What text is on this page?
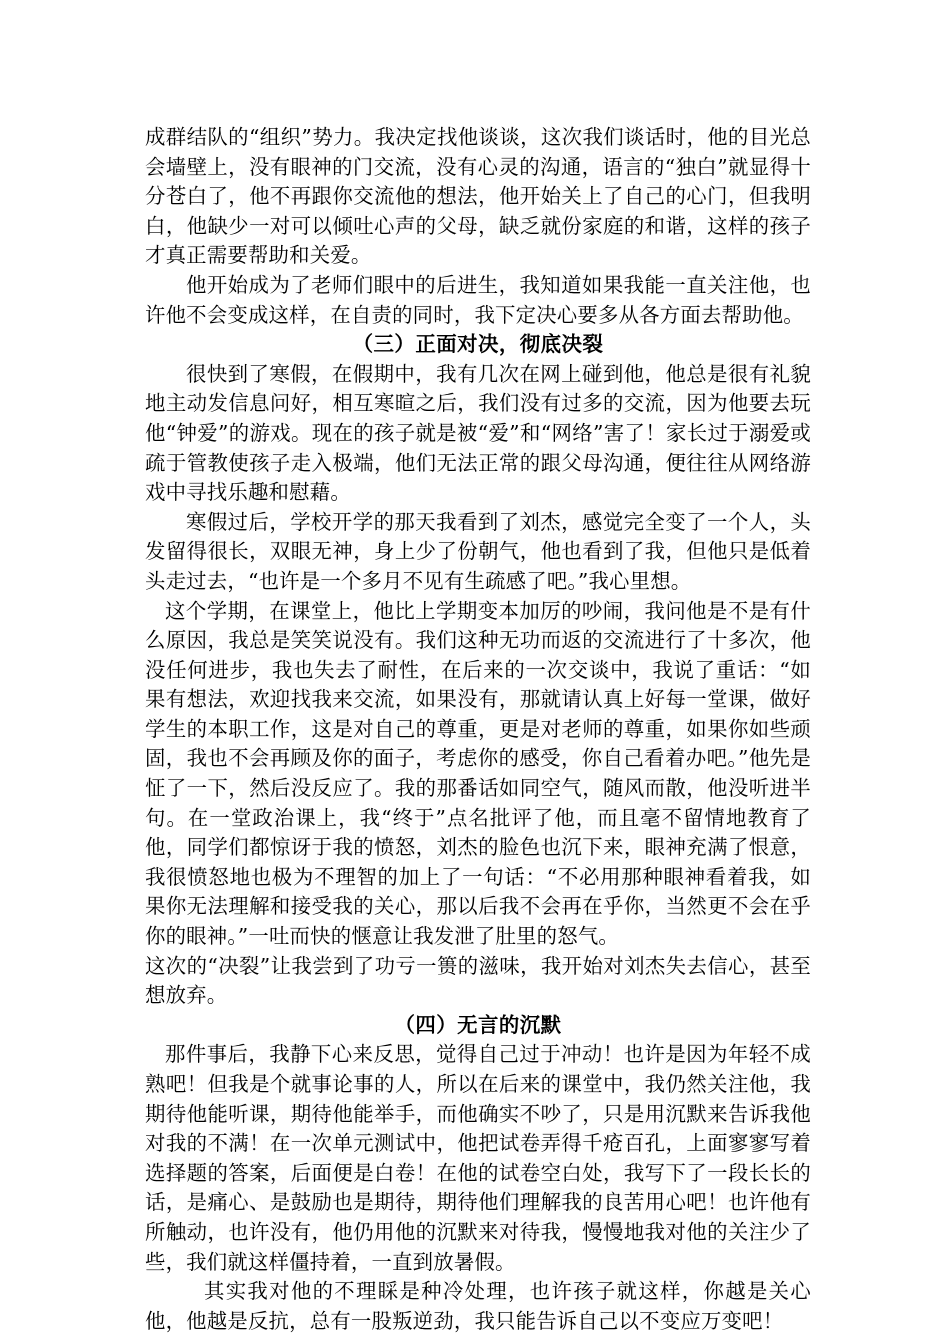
成群结队的“组织”势力。我决定找他谈谈，这次我们谈话时，他的目光总会墙壁上，没有眼神的门交流，没有心灵的沟通，语言的“独白”就显得十分苍白了，他不再跟你交流他的想法，他开始关上了自己的心门，但我明白，他缺少一对可以倾吐心声的父母，缺乏就份家庭的和谐，这样的孩子才真正需要帮助和关爱。

他开始成为了老师们眼中的后进生，我知道如果我能一直关注他，也许他不会变成这样，在自责的同时，我下定决心要多从各方面去帮助他。

（三）正面对决，彻底决裂

很快到了寒假，在假期中，我有几次在网上碰到他，他总是很有礼貌地主动发信息问好，相互寒暄之后，我们没有过多的交流，因为他要去玩他“钟爱”的游戏。现在的孩子就是被“爱”和“网络”害了！家长过于溺爱或疏于管教使孩子走入极端，他们无法正常的跟父母沟通，便往往从网络游戏中寻找乐趣和慰藉。

寒假过后，学校开学的那天我看到了刘杰，感觉完全变了一个人，头发留得很长，双眼无神，身上少了份朝气，他也看到了我，但他只是低着头走过去，“也许是一个多月不见有生疏感了吧。”我心里想。

这个学期，在课堂上，他比上学期变本加厉的吵闹，我问他是不是有什么原因，我总是笑笑说没有。我们这种无功而返的交流进行了十多次，他没任何进步，我也失去了耐性，在后来的一次交谈中，我说了重话：“如果有想法，欢迎找我来交流，如果没有，那就请认真上好每一堂课，做好学生的本职工作，这是对自己的尊重，更是对老师的尊重，如果你如些顽固，我也不会再顾及你的面子，考虑你的感受，你自己看着办吧。”他先是怔了一下，然后没反应了。我的那番话如同空气，随风而散，他没听进半句。在一堂政治课上，我“终于”点名批评了他，而且毫不留情地教育了他，同学们都惊讶于我的愤怒，刘杰的脸色也沉下来，眼神充满了恨意，我很愤怒地也极为不理智的加上了一句话：“不必用那种眼神看着我，如果你无法理解和接受我的关心，那以后我不会再在乎你，当然更不会在乎你的眼神。”一吐而快的惬意让我发泄了肚里的怒气。

这次的“决裂”让我尝到了功亏一篑的滋味，我开始对刘杰失去信心，甚至想放弃。

（四）无言的沉默

那件事后，我静下心来反思，觉得自己过于冲动！也许是因为年轻不成熟吧！但我是个就事论事的人，所以在后来的课堂中，我仍然关注他，我期待他能听课，期待他能举手，而他确实不吵了，只是用沉默来告诉我他对我的不满！在一次单元测试中，他把试卷弄得千疮百孔，上面寥寥写着选择题的答案，后面便是白卷！在他的试卷空白处，我写下了一段长长的话，是痛心、是鼓励也是期待，期待他们理解我的良苦用心吧！也许他有所触动，也许没有，他仍用他的沉默来对待我，慢慢地我对他的关注少了些，我们就这样僵持着，一直到放暑假。

其实我对他的不理睬是种冷处理，也许孩子就这样，你越是关心他，他越是反抗，总有一股叛逆劲，我只能告诉自己以不变应万变吧！
